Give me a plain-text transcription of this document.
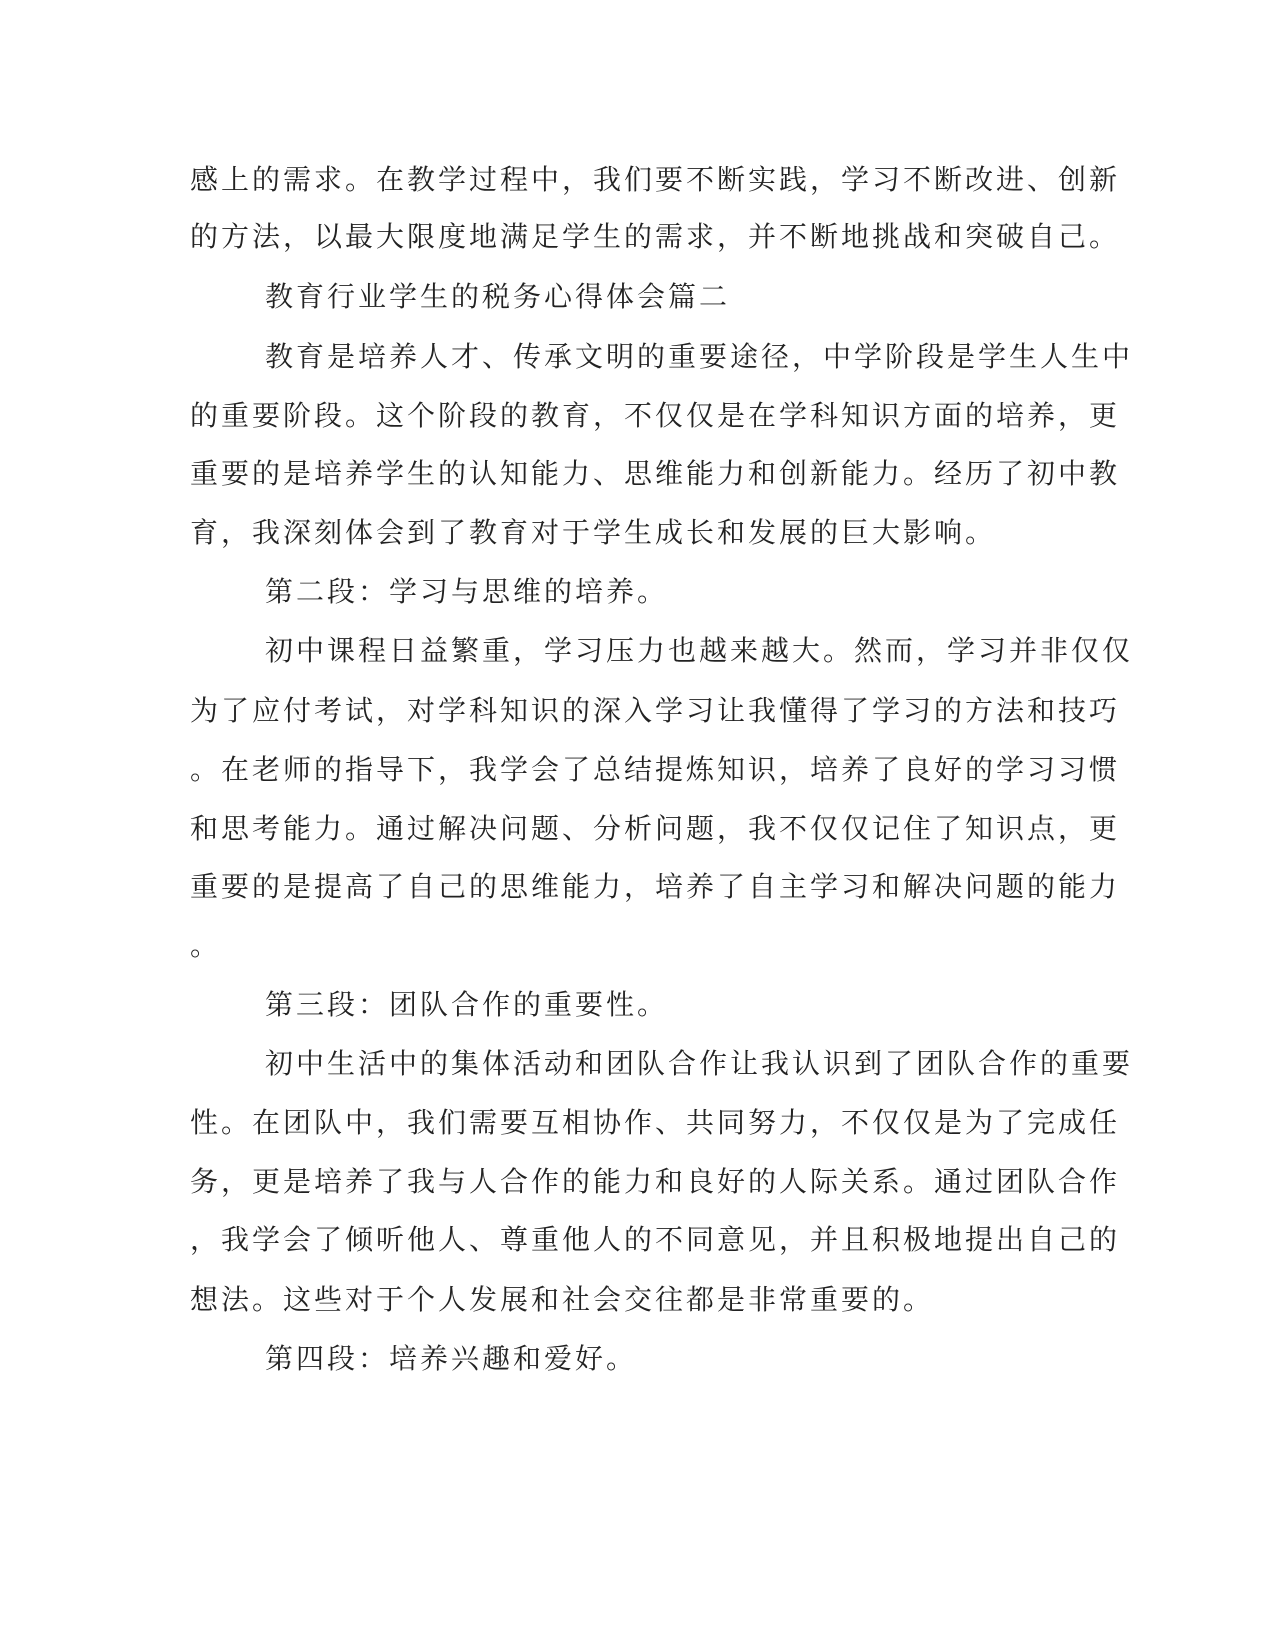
感上的需求。在教学过程中，我们要不断实践，学习不断改进、创新
的方法，以最大限度地满足学生的需求，并不断地挑战和突破自己。
教育行业学生的税务心得体会篇二
教育是培养人才、传承文明的重要途径，中学阶段是学生人生中
的重要阶段。这个阶段的教育，不仅仅是在学科知识方面的培养，更
重要的是培养学生的认知能力、思维能力和创新能力。经历了初中教
育，我深刻体会到了教育对于学生成长和发展的巨大影响。
第二段：学习与思维的培养。
初中课程日益繁重，学习压力也越来越大。然而，学习并非仅仅
为了应付考试，对学科知识的深入学习让我懂得了学习的方法和技巧
。在老师的指导下，我学会了总结提炼知识，培养了良好的学习习惯
和思考能力。通过解决问题、分析问题，我不仅仅记住了知识点，更
重要的是提高了自己的思维能力，培养了自主学习和解决问题的能力
。
第三段：团队合作的重要性。
初中生活中的集体活动和团队合作让我认识到了团队合作的重要
性。在团队中，我们需要互相协作、共同努力，不仅仅是为了完成任
务，更是培养了我与人合作的能力和良好的人际关系。通过团队合作
，我学会了倾听他人、尊重他人的不同意见，并且积极地提出自己的
想法。这些对于个人发展和社会交往都是非常重要的。
第四段：培养兴趣和爱好。
